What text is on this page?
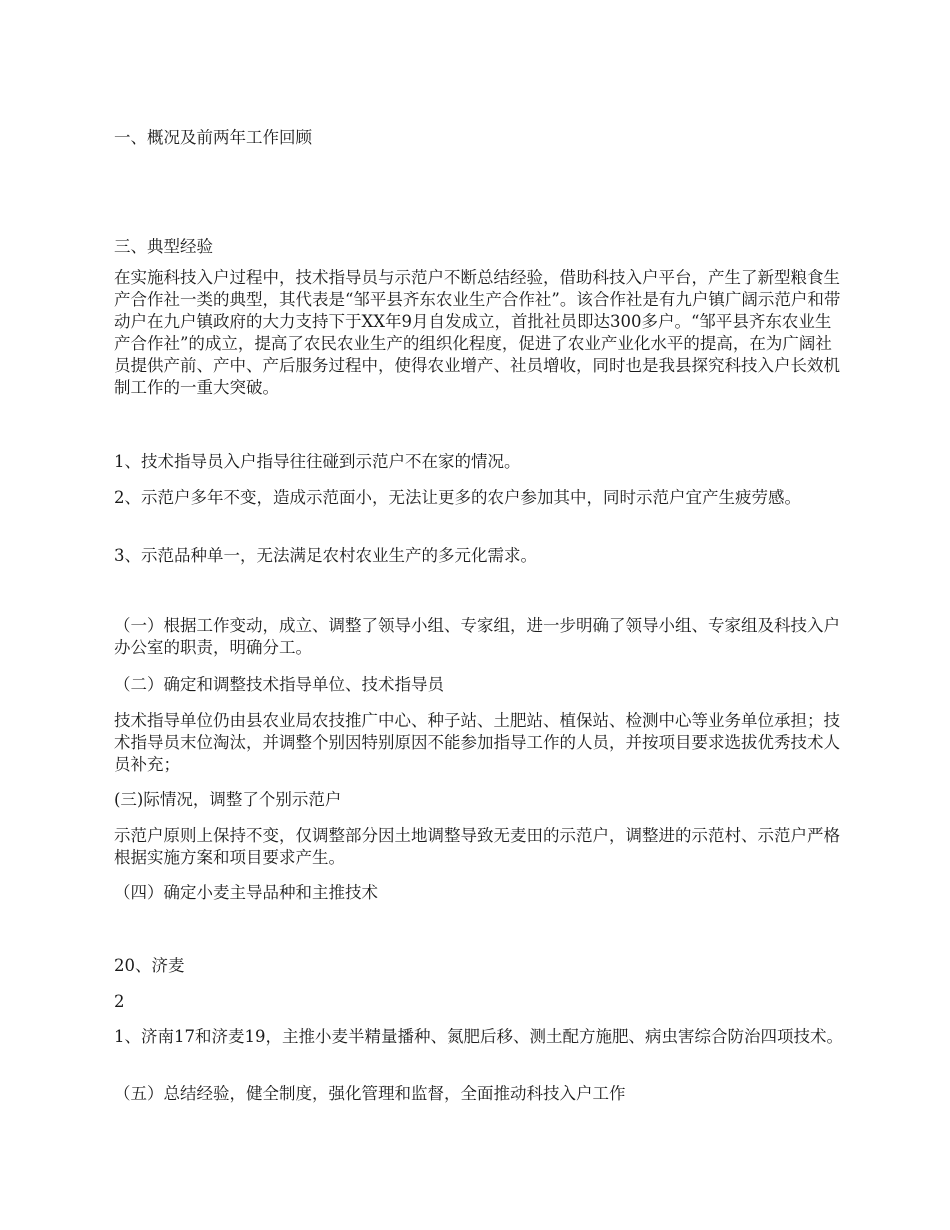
一、概况及前两年工作回顾

三、典型经验

在实施科技入户过程中，技术指导员与示范户不断总结经验，借助科技入户平台，产生了新型粮食生产合作社一类的典型，其代表是“邹平县齐东农业生产合作社”。该合作社是有九户镇广阔示范户和带动户在九户镇政府的大力支持下于XX年9月自发成立，首批社员即达300多户。“邹平县齐东农业生产合作社”的成立，提高了农民农业生产的组织化程度，促进了农业产业化水平的提高，在为广阔社员提供产前、产中、产后服务过程中，使得农业增产、社员增收，同时也是我县探究科技入户长效机制工作的一重大突破。

1、技术指导员入户指导往往碰到示范户不在家的情况。

2、示范户多年不变，造成示范面小，无法让更多的农户参加其中，同时示范户宜产生疲劳感。

3、示范品种单一，无法满足农村农业生产的多元化需求。

（一）根据工作变动，成立、调整了领导小组、专家组，进一步明确了领导小组、专家组及科技入户办公室的职责，明确分工。

（二）确定和调整技术指导单位、技术指导员

技术指导单位仍由县农业局农技推广中心、种子站、土肥站、植保站、检测中心等业务单位承担；技术指导员末位淘汰，并调整个别因特别原因不能参加指导工作的人员，并按项目要求选拔优秀技术人员补充；

(三)际情况，调整了个别示范户

示范户原则上保持不变，仅调整部分因土地调整导致无麦田的示范户，调整进的示范村、示范户严格根据实施方案和项目要求产生。

（四）确定小麦主导品种和主推技术

20、济麦

2

1、济南17和济麦19，主推小麦半精量播种、氮肥后移、测土配方施肥、病虫害综合防治四项技术。

（五）总结经验，健全制度，强化管理和监督，全面推动科技入户工作
